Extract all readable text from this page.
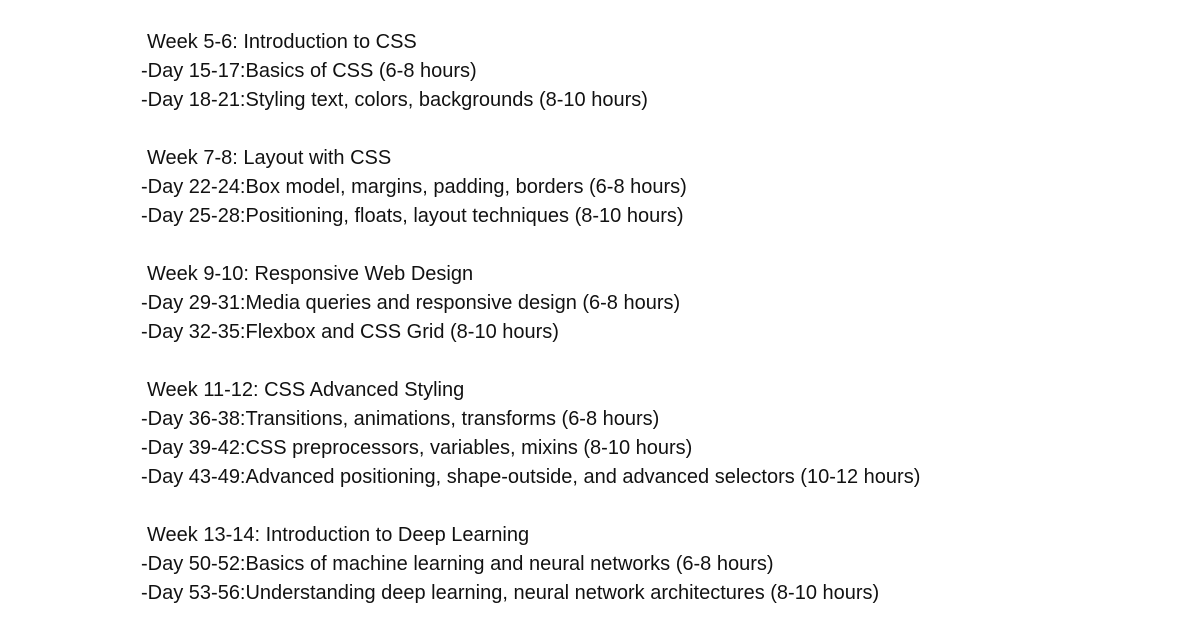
Week 5-6: Introduction to CSS
-Day 15-17:Basics of CSS (6-8 hours)
-Day 18-21:Styling text, colors, backgrounds (8-10 hours)
Week 7-8: Layout with CSS
-Day 22-24:Box model, margins, padding, borders (6-8 hours)
-Day 25-28:Positioning, floats, layout techniques (8-10 hours)
Week 9-10: Responsive Web Design
-Day 29-31:Media queries and responsive design (6-8 hours)
-Day 32-35:Flexbox and CSS Grid (8-10 hours)
Week 11-12: CSS Advanced Styling
-Day 36-38:Transitions, animations, transforms (6-8 hours)
-Day 39-42:CSS preprocessors, variables, mixins (8-10 hours)
-Day 43-49:Advanced positioning, shape-outside, and advanced selectors (10-12 hours)
Week 13-14: Introduction to Deep Learning
-Day 50-52:Basics of machine learning and neural networks (6-8 hours)
-Day 53-56:Understanding deep learning, neural network architectures (8-10 hours)
